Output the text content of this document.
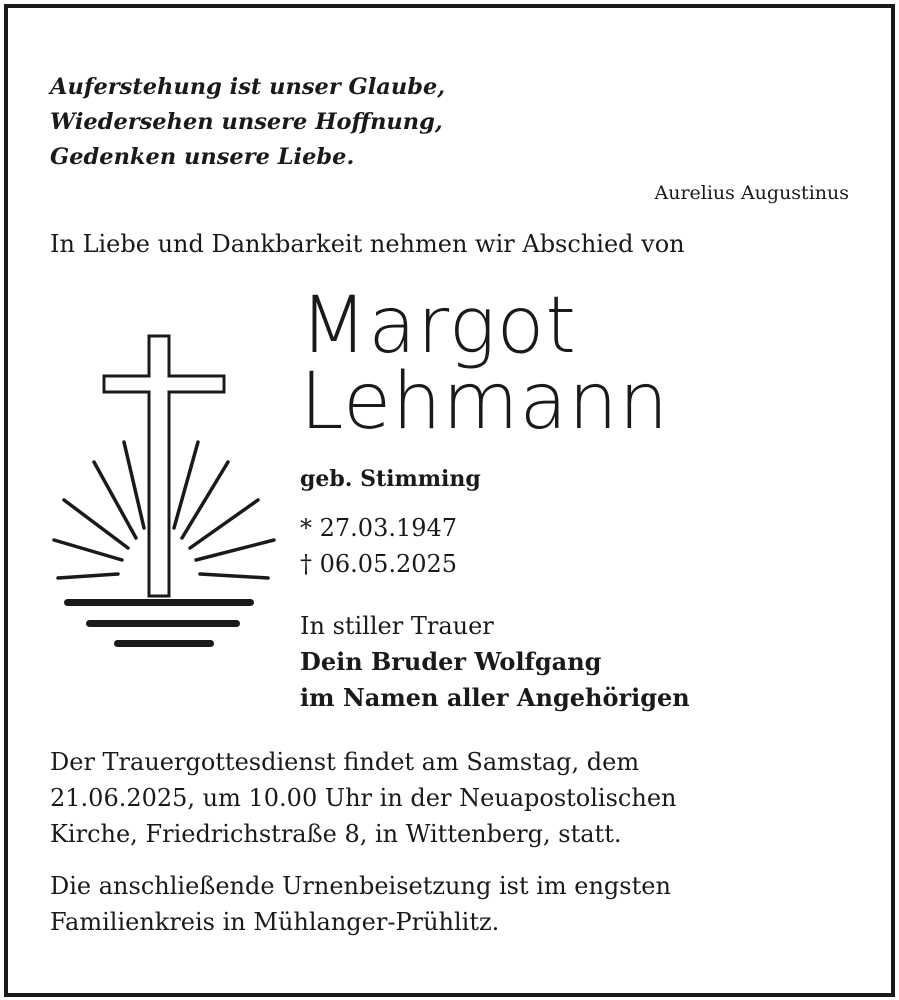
Auferstehung ist unser Glaube,
Wiedersehen unsere Hoffnung,
Gedenken unsere Liebe.
Aurelius Augustinus
In Liebe und Dankbarkeit nehmen wir Abschied von
Margot
Lehmann
geb. Stimming
* 27.03.1947
† 06.05.2025
In stiller Trauer
Dein Bruder Wolfgang
im Namen aller Angehörigen
Der Trauergottesdienst findet am Samstag, dem
21.06.2025, um 10.00 Uhr in der Neuapostolischen
Kirche, Friedrichstraße 8, in Wittenberg, statt.
Die anschließende Urnenbeisetzung ist im engsten
Familienkreis in Mühlanger-Prühlitz.
